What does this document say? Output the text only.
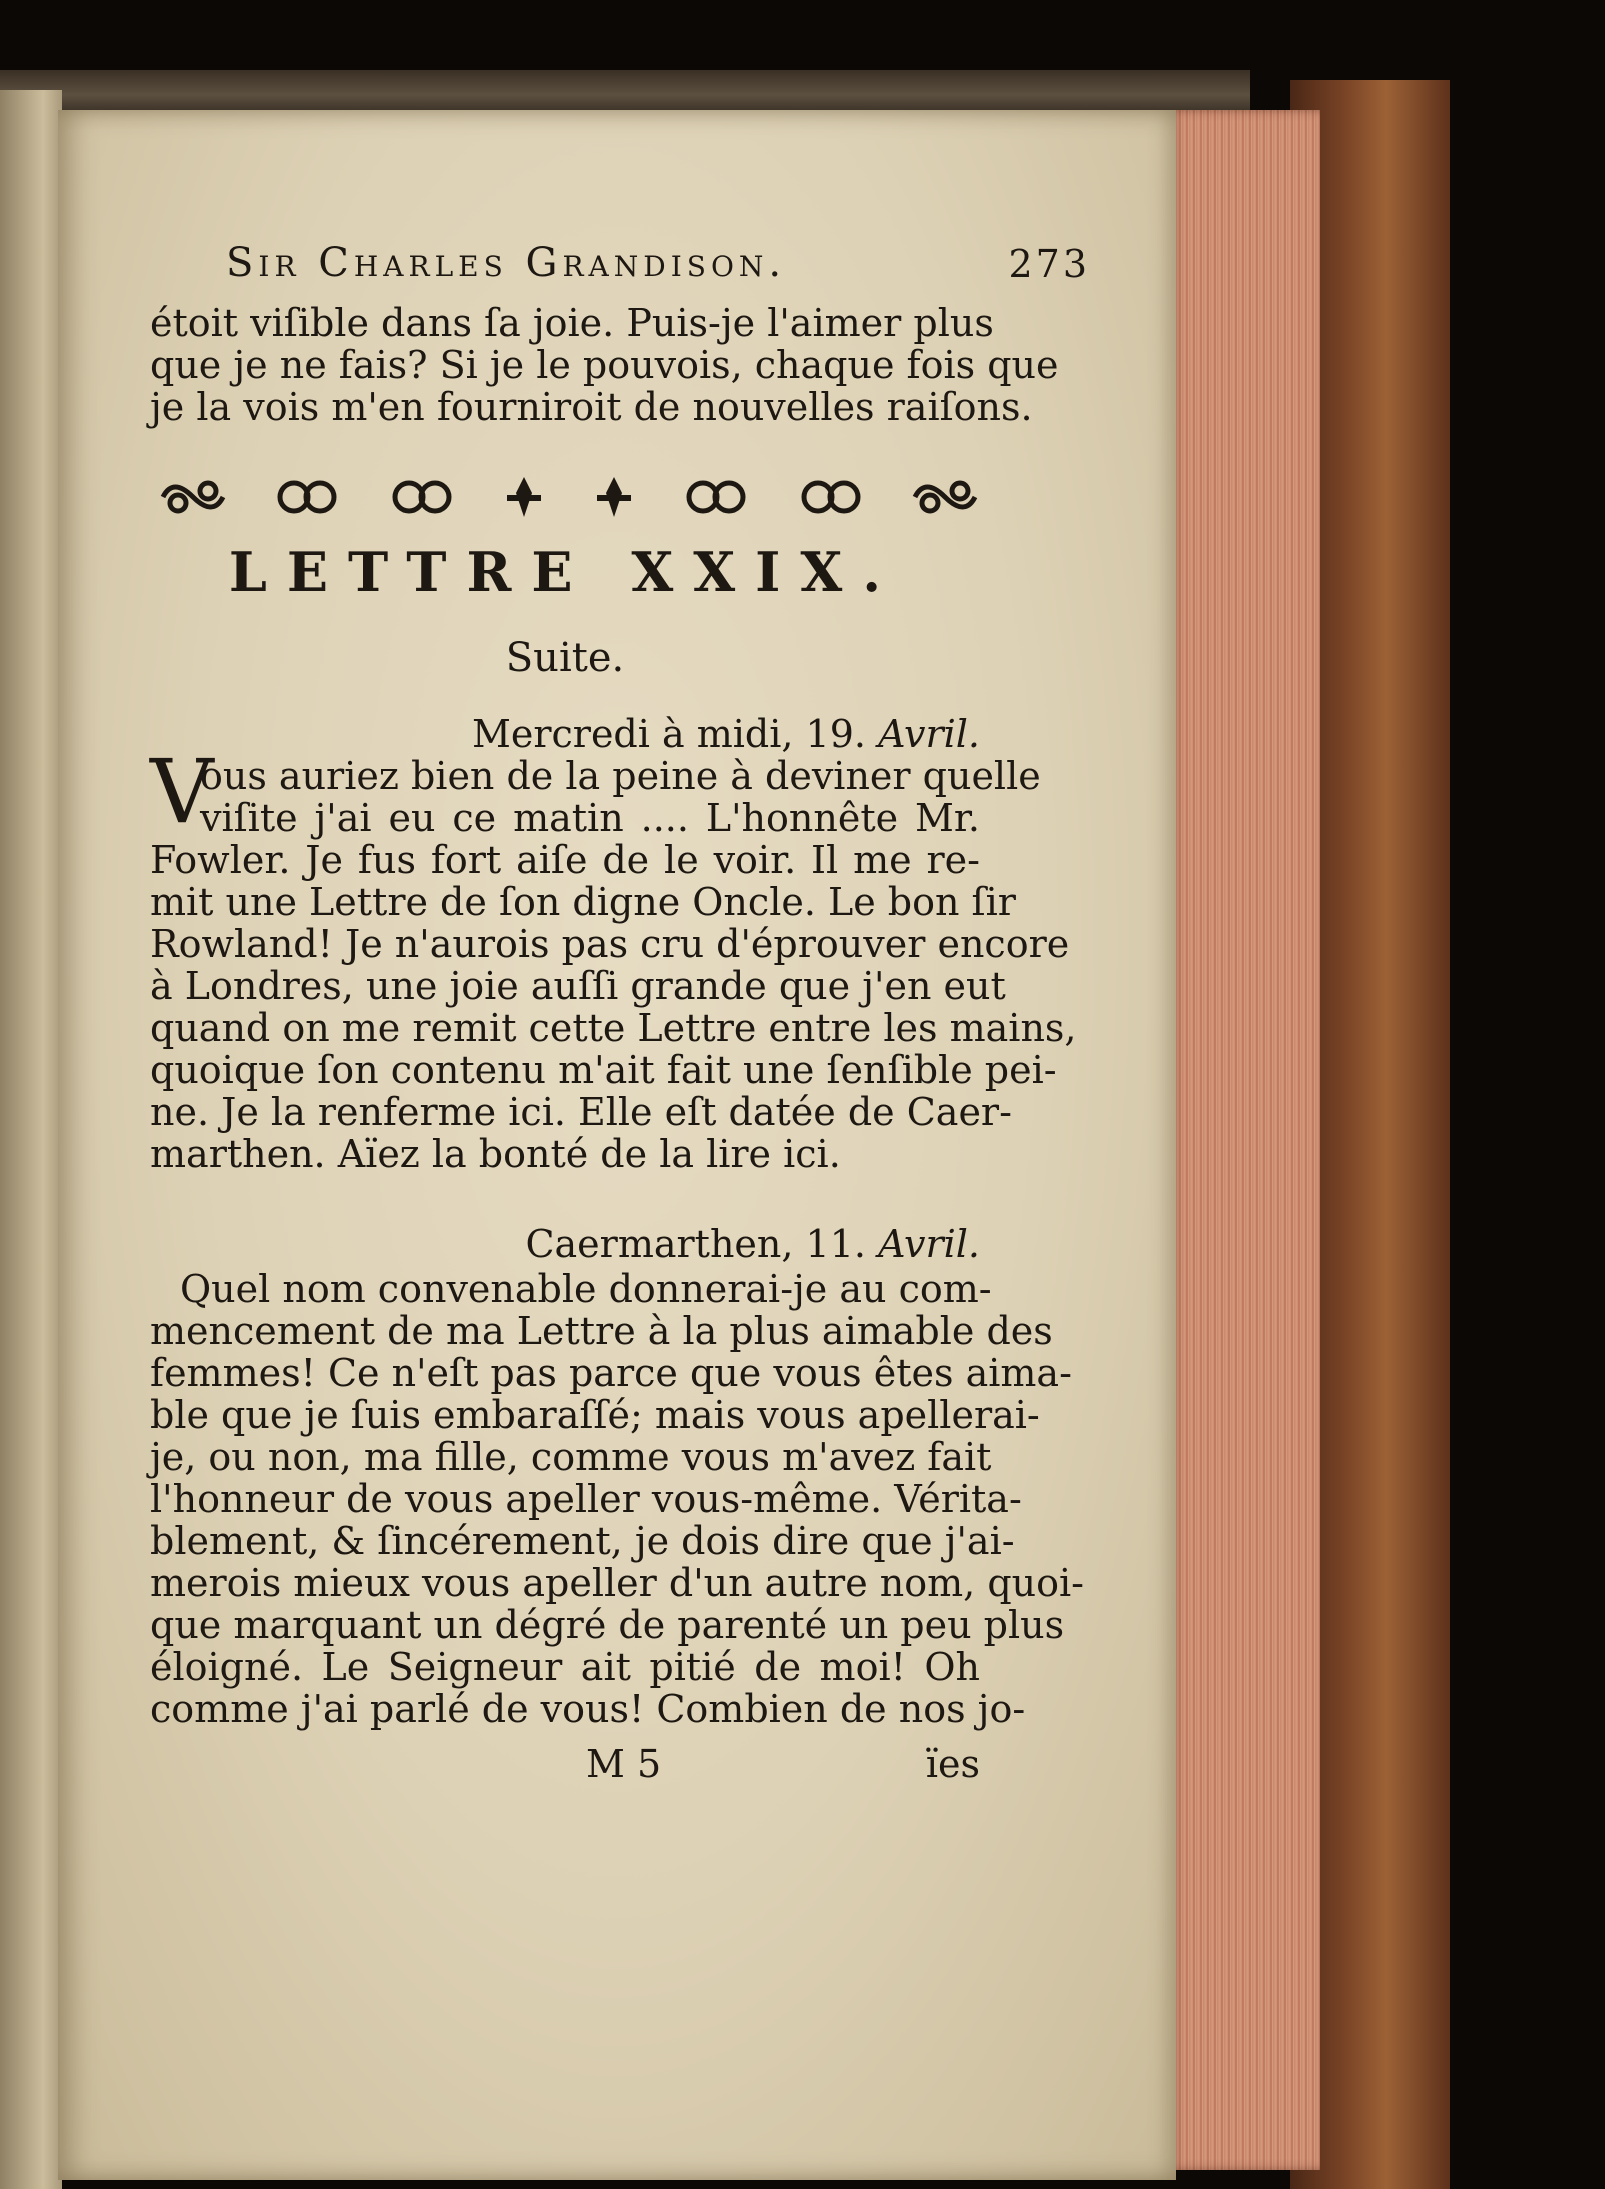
Sir Charles Grandison.	273
étoit viſible dans ſa joie. Puis-je l'aimer plus
que je ne fais? Si je le pouvois, chaque fois que
je la vois m'en fourniroit de nouvelles raiſons.
LETTRE XXIX.
Suite.
Mercredi à midi, 19. Avril.
V
ous auriez bien de la peine à deviner quelle
viſite j'ai eu ce matin .... L'honnête Mr.
Fowler. Je fus fort aiſe de le voir. Il me re-
mit une Lettre de ſon digne Oncle. Le bon ſir
Rowland! Je n'aurois pas cru d'éprouver encore
à Londres, une joie auſſi grande que j'en eut
quand on me remit cette Lettre entre les mains,
quoique ſon contenu m'ait fait une ſenſible pei-
ne. Je la renferme ici. Elle eſt datée de Caer-
marthen. Aïez la bonté de la lire ici.
Caermarthen, 11. Avril.
Quel nom convenable donnerai-je au com-
mencement de ma Lettre à la plus aimable des
femmes! Ce n'eſt pas parce que vous êtes aima-
ble que je ſuis embaraſſé; mais vous apellerai-
je, ou non, ma fille, comme vous m'avez fait
l'honneur de vous apeller vous-même. Vérita-
blement, & ſincérement, je dois dire que j'ai-
merois mieux vous apeller d'un autre nom, quoi-
que marquant un dégré de parenté un peu plus
éloigné. Le Seigneur ait pitié de moi! Oh
comme j'ai parlé de vous! Combien de nos jo-
M 5	ïes
